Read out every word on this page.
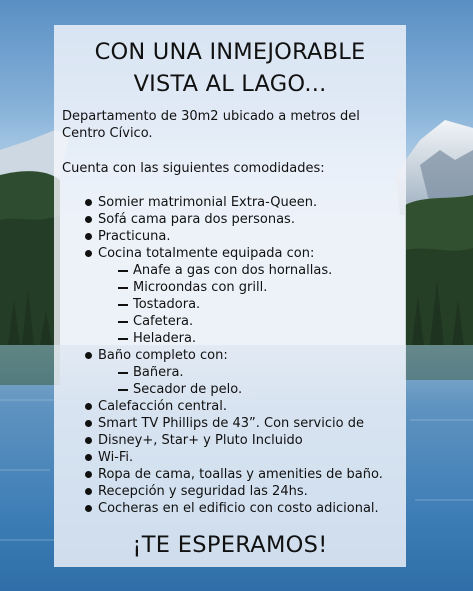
CON UNA INMEJORABLE
VISTA AL LAGO...

Departamento de 30m2 ubicado a metros del Centro Cívico.

Cuenta con las siguientes comodidades:

Somier matrimonial Extra-Queen.
Sofá cama para dos personas.
Practicuna.
Cocina totalmente equipada con:
Anafe a gas con dos hornallas.
Microondas con grill.
Tostadora.
Cafetera.
Heladera.
Baño completo con:
Bañera.
Secador de pelo.
Calefacción central.
Smart TV Phillips de 43”. Con servicio de
Disney+, Star+ y Pluto Incluido
Wi-Fi.
Ropa de cama, toallas y amenities de baño.
Recepción y seguridad las 24hs.
Cocheras en el edificio con costo adicional.

¡TE ESPERAMOS!
